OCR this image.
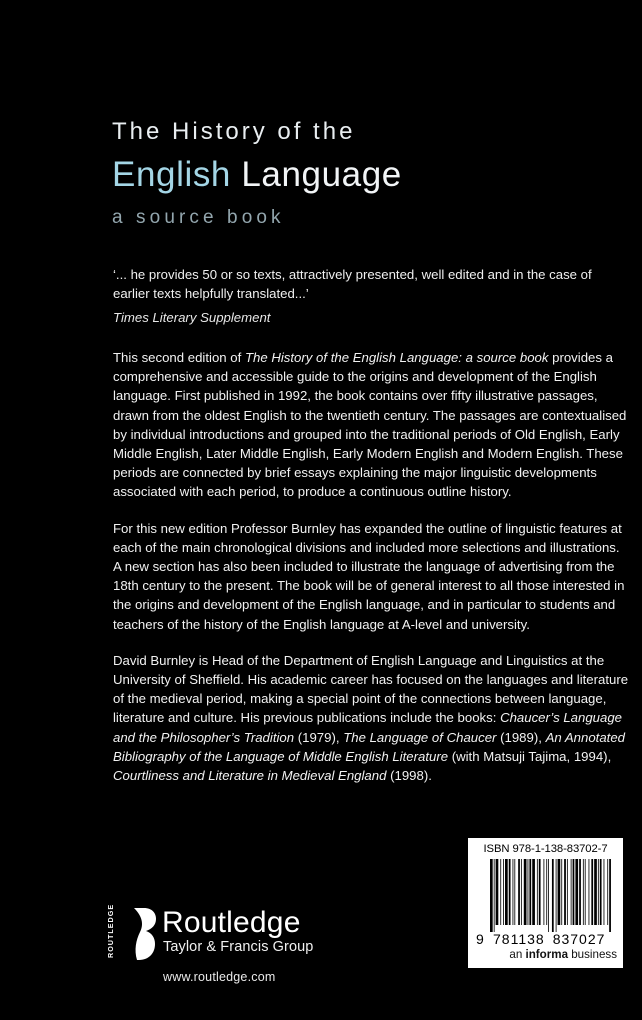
The History of the
English Language
a source book

‘... he provides 50 or so texts, attractively presented, well edited and in the case of earlier texts helpfully translated...’

Times Literary Supplement

This second edition of The History of the English Language: a source book provides a comprehensive and accessible guide to the origins and development of the English language. First published in 1992, the book contains over fifty illustrative passages, drawn from the oldest English to the twentieth century. The passages are contextualised by individual introductions and grouped into the traditional periods of Old English, Early Middle English, Later Middle English, Early Modern English and Modern English. These periods are connected by brief essays explaining the major linguistic developments associated with each period, to produce a continuous outline history.

For this new edition Professor Burnley has expanded the outline of linguistic features at each of the main chronological divisions and included more selections and illustrations. A new section has also been included to illustrate the language of advertising from the 18th century to the present. The book will be of general interest to all those interested in the origins and development of the English language, and in particular to students and teachers of the history of the English language at A-level and university.

David Burnley is Head of the Department of English Language and Linguistics at the University of Sheffield. His academic career has focused on the languages and literature of the medieval period, making a special point of the connections between language, literature and culture. His previous publications include the books: Chaucer’s Language and the Philosopher’s Tradition (1979), The Language of Chaucer (1989), An Annotated Bibliography of the Language of Middle English Literature (with Matsuji Tajima, 1994), Courtliness and Literature in Medieval England (1998).

ROUTLEDGE Routledge
Taylor & Francis Group
www.routledge.com
ISBN 978-1-138-83702-7
9 781138 837027
an informa business
